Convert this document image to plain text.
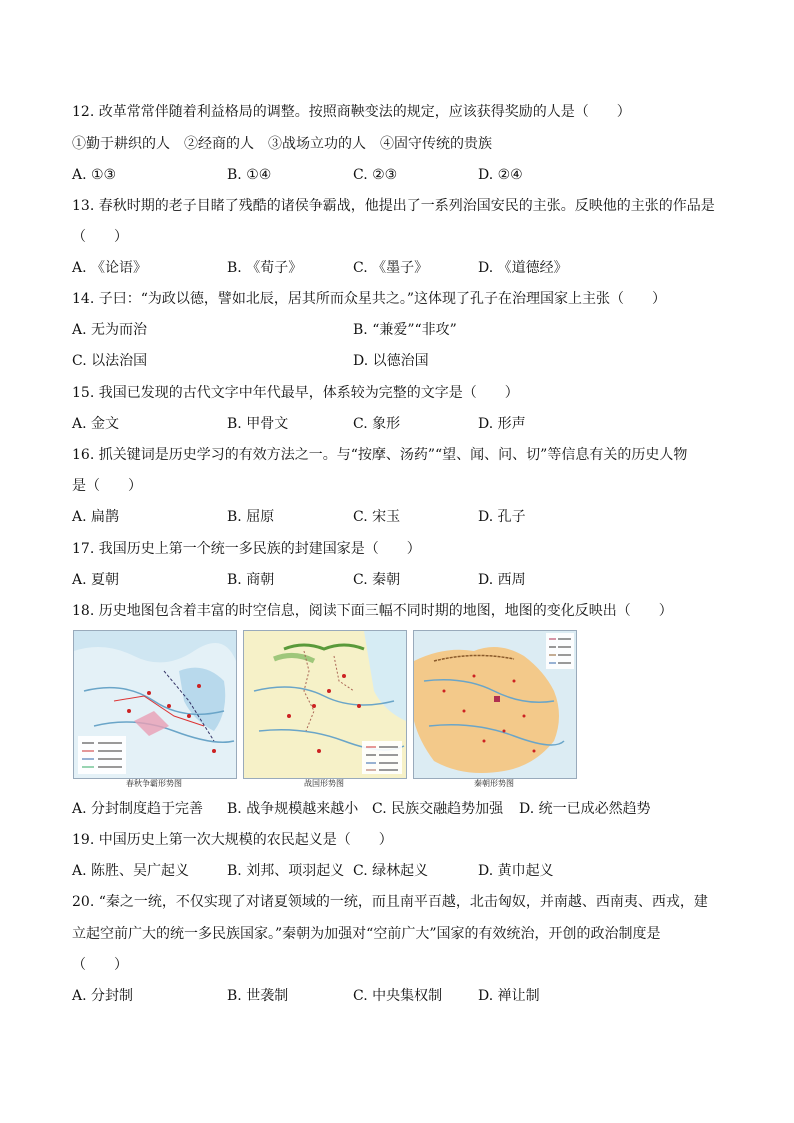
12. 改革常常伴随着利益格局的调整。按照商鞅变法的规定，应该获得奖励的人是（　　）
①勤于耕织的人　②经商的人　③战场立功的人　④固守传统的贵族
A. ①③	B. ①④	C. ②③	D. ②④
13. 春秋时期的老子目睹了残酷的诸侯争霸战，他提出了一系列治国安民的主张。反映他的主张的作品是
（　　）
A. 《论语》	B. 《荀子》	C. 《墨子》	D. 《道德经》
14. 子曰：“为政以德，譬如北辰，居其所而众星共之。”这体现了孔子在治理国家上主张（　　）
A. 无为而治	B. “兼爱”“非攻”
C. 以法治国	D. 以德治国
15. 我国已发现的古代文字中年代最早，体系较为完整的文字是（　　）
A. 金文	B. 甲骨文	C. 象形	D. 形声
16. 抓关键词是历史学习的有效方法之一。与“按摩、汤药”“望、闻、问、切”等信息有关的历史人物
是（　　）
A. 扁鹊	B. 屈原	C. 宋玉	D. 孔子
17. 我国历史上第一个统一多民族的封建国家是（　　）
A. 夏朝	B. 商朝	C. 秦朝	D. 西周
18. 历史地图包含着丰富的时空信息，阅读下面三幅不同时期的地图，地图的变化反映出（　　）
春秋争霸形势图	战国形势图	秦朝形势图
A. 分封制度趋于完善 B. 战争规模越来越小 C. 民族交融趋势加强 D. 统一已成必然趋势
19. 中国历史上第一次大规模的农民起义是（　　）
A. 陈胜、吴广起义	B. 刘邦、项羽起义 C. 绿林起义	D. 黄巾起义
20. “秦之一统，不仅实现了对诸夏领域的一统，而且南平百越，北击匈奴，并南越、西南夷、西戎，建
立起空前广大的统一多民族国家。”秦朝为加强对“空前广大”国家的有效统治，开创的政治制度是
（　　）
A. 分封制	B. 世袭制	C. 中央集权制	D. 禅让制
